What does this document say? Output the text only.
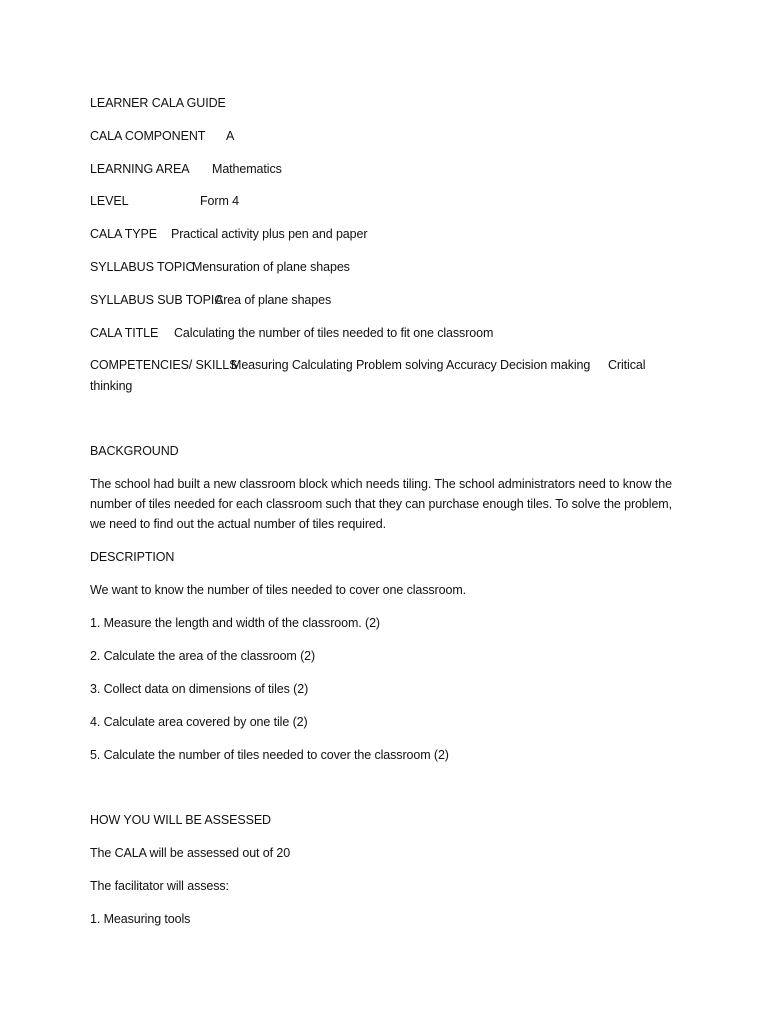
LEARNER CALA GUIDE
CALA COMPONENT A
LEARNING AREA Mathematics
LEVEL	Form 4
CALA TYPE Practical activity plus pen and paper
SYLLABUS TOPIC
Mensuration of plane shapes
SYLLABUS SUB TOPIC
Area of plane shapes
CALA TITLE Calculating the number of tiles needed to fit one classroom
COMPETENCIES/ SKILLS
Measuring Calculating Problem solving Accuracy Decision making Critical
thinking
BACKGROUND
The school had built a new classroom block which needs tiling. The school administrators need to know the number of tiles needed for each classroom such that they can purchase enough tiles. To solve the problem, we need to find out the actual number of tiles required.
DESCRIPTION
We want to know the number of tiles needed to cover one classroom.
1. Measure the length and width of the classroom. (2)
2. Calculate the area of the classroom (2)
3. Collect data on dimensions of tiles (2)
4. Calculate area covered by one tile (2)
5. Calculate the number of tiles needed to cover the classroom (2)
HOW YOU WILL BE ASSESSED
The CALA will be assessed out of 20
The facilitator will assess:
1. Measuring tools
